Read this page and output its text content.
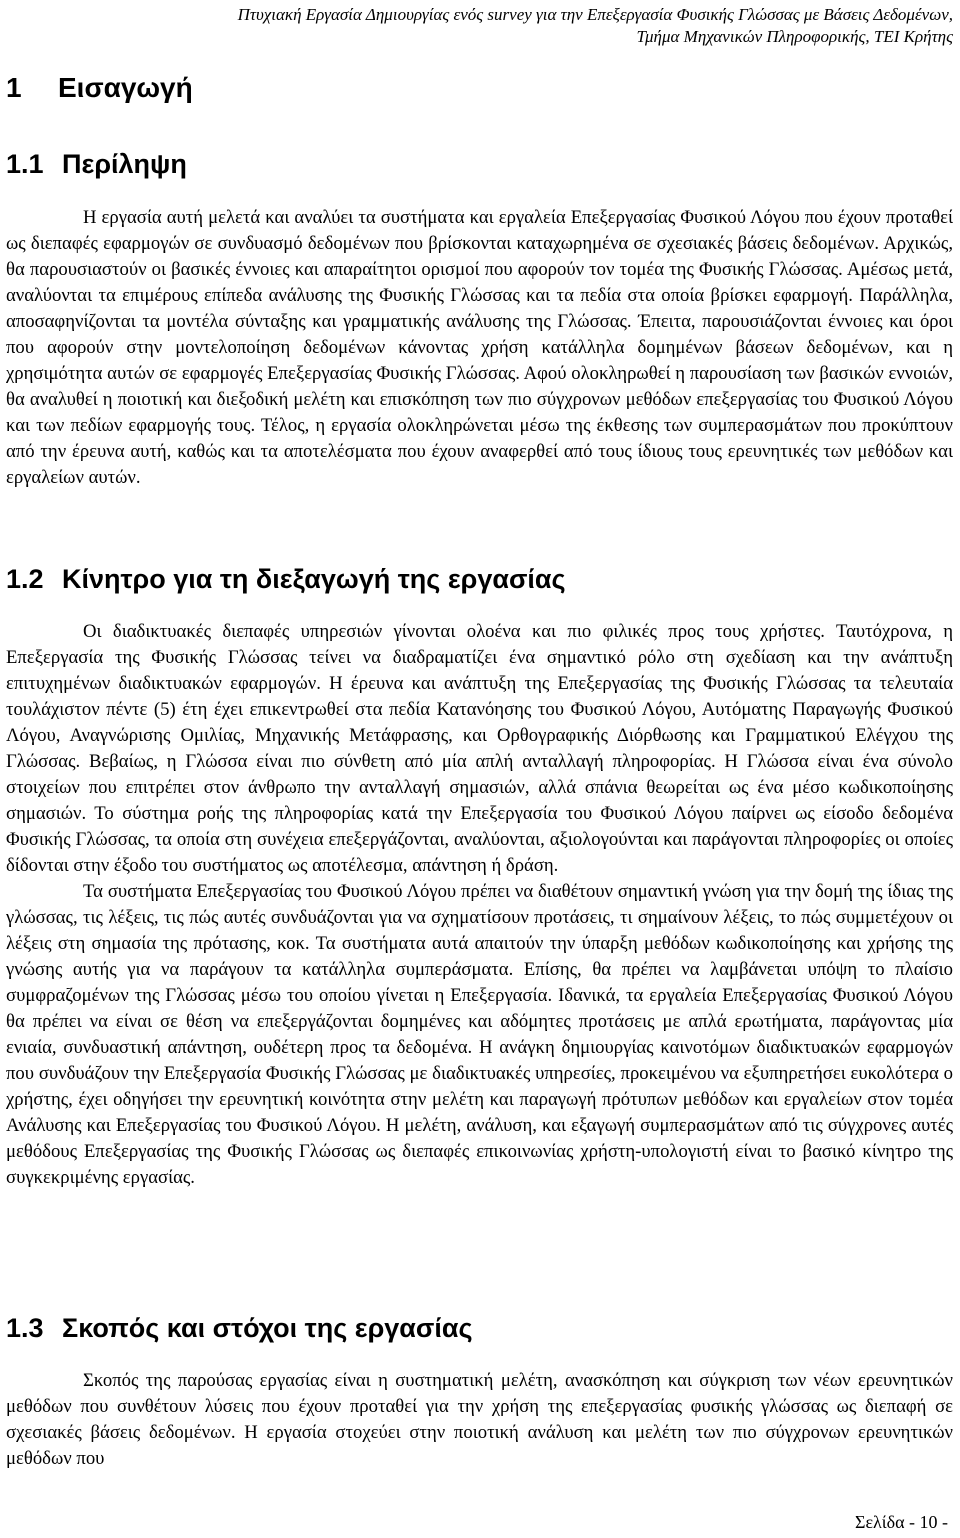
Πτυχιακή Εργασία Δημιουργίας ενός survey για την Επεξεργασία Φυσικής Γλώσσας με Βάσεις Δεδομένων,
Τμήμα Μηχανικών Πληροφορικής, ΤΕΙ Κρήτης
1 Εισαγωγή
1.1 Περίληψη

Η εργασία αυτή μελετά και αναλύει τα συστήματα και εργαλεία Επεξεργασίας Φυσικού Λόγου που έχουν προταθεί ως διεπαφές εφαρμογών σε συνδυασμό δεδομένων που βρίσκονται καταχωρημένα σε σχεσιακές βάσεις δεδομένων. Αρχικώς, θα παρουσιαστούν οι βασικές έννοιες και απαραίτητοι ορισμοί που αφορούν τον τομέα της Φυσικής Γλώσσας. Αμέσως μετά, αναλύονται τα επιμέρους επίπεδα ανάλυσης της Φυσικής Γλώσσας και τα πεδία στα οποία βρίσκει εφαρμογή. Παράλληλα, αποσαφηνίζονται τα μοντέλα σύνταξης και γραμματικής ανάλυσης της Γλώσσας. Έπειτα, παρουσιάζονται έννοιες και όροι που αφορούν στην μοντελοποίηση δεδομένων κάνοντας χρήση κατάλληλα δομημένων βάσεων δεδομένων, και η χρησιμότητα αυτών σε εφαρμογές Επεξεργασίας Φυσικής Γλώσσας. Αφού ολοκληρωθεί η παρουσίαση των βασικών εννοιών, θα αναλυθεί η ποιοτική και διεξοδική μελέτη και επισκόπηση των πιο σύγχρονων μεθόδων επεξεργασίας του Φυσικού Λόγου και των πεδίων εφαρμογής τους. Τέλος, η εργασία ολοκληρώνεται μέσω της έκθεσης των συμπερασμάτων που προκύπτουν από την έρευνα αυτή, καθώς και τα αποτελέσματα που έχουν αναφερθεί από τους ίδιους τους ερευνητικές των μεθόδων και εργαλείων αυτών.

1.2 Κίνητρο για τη διεξαγωγή της εργασίας

Οι διαδικτυακές διεπαφές υπηρεσιών γίνονται ολοένα και πιο φιλικές προς τους χρήστες. Ταυτόχρονα, η Επεξεργασία της Φυσικής Γλώσσας τείνει να διαδραματίζει ένα σημαντικό ρόλο στη σχεδίαση και την ανάπτυξη επιτυχημένων διαδικτυακών εφαρμογών. Η έρευνα και ανάπτυξη της Επεξεργασίας της Φυσικής Γλώσσας τα τελευταία τουλάχιστον πέντε (5) έτη έχει επικεντρωθεί στα πεδία Κατανόησης του Φυσικού Λόγου, Αυτόματης Παραγωγής Φυσικού Λόγου, Αναγνώρισης Ομιλίας, Μηχανικής Μετάφρασης, και Ορθογραφικής Διόρθωσης και Γραμματικού Ελέγχου της Γλώσσας. Βεβαίως, η Γλώσσα είναι πιο σύνθετη από μία απλή ανταλλαγή πληροφορίας. Η Γλώσσα είναι ένα σύνολο στοιχείων που επιτρέπει στον άνθρωπο την ανταλλαγή σημασιών, αλλά σπάνια θεωρείται ως ένα μέσο κωδικοποίησης σημασιών. Το σύστημα ροής της πληροφορίας κατά την Επεξεργασία του Φυσικού Λόγου παίρνει ως είσοδο δεδομένα Φυσικής Γλώσσας, τα οποία στη συνέχεια επεξεργάζονται, αναλύονται, αξιολογούνται και παράγονται πληροφορίες οι οποίες δίδονται στην έξοδο του συστήματος ως αποτέλεσμα, απάντηση ή δράση.

Τα συστήματα Επεξεργασίας του Φυσικού Λόγου πρέπει να διαθέτουν σημαντική γνώση για την δομή της ίδιας της γλώσσας, τις λέξεις, τις πώς αυτές συνδυάζονται για να σχηματίσουν προτάσεις, τι σημαίνουν λέξεις, το πώς συμμετέχουν οι λέξεις στη σημασία της πρότασης, κοκ. Τα συστήματα αυτά απαιτούν την ύπαρξη μεθόδων κωδικοποίησης και χρήσης της γνώσης αυτής για να παράγουν τα κατάλληλα συμπεράσματα. Επίσης, θα πρέπει να λαμβάνεται υπόψη το πλαίσιο συμφραζομένων της Γλώσσας μέσω του οποίου γίνεται η Επεξεργασία. Ιδανικά, τα εργαλεία Επεξεργασίας Φυσικού Λόγου θα πρέπει να είναι σε θέση να επεξεργάζονται δομημένες και αδόμητες προτάσεις με απλά ερωτήματα, παράγοντας μία ενιαία, συνδυαστική απάντηση, ουδέτερη προς τα δεδομένα. Η ανάγκη δημιουργίας καινοτόμων διαδικτυακών εφαρμογών που συνδυάζουν την Επεξεργασία Φυσικής Γλώσσας με διαδικτυακές υπηρεσίες, προκειμένου να εξυπηρετήσει ευκολότερα ο χρήστης, έχει οδηγήσει την ερευνητική κοινότητα στην μελέτη και παραγωγή πρότυπων μεθόδων και εργαλείων στον τομέα Ανάλυσης και Επεξεργασίας του Φυσικού Λόγου. Η μελέτη, ανάλυση, και εξαγωγή συμπερασμάτων από τις σύγχρονες αυτές μεθόδους Επεξεργασίας της Φυσικής Γλώσσας ως διεπαφές επικοινωνίας χρήστη-υπολογιστή είναι το βασικό κίνητρο της συγκεκριμένης εργασίας.

1.3 Σκοπός και στόχοι της εργασίας

Σκοπός της παρούσας εργασίας είναι η συστηματική μελέτη, ανασκόπηση και σύγκριση των νέων ερευνητικών μεθόδων που συνθέτουν λύσεις που έχουν προταθεί για την χρήση της επεξεργασίας φυσικής γλώσσας ως διεπαφή σε σχεσιακές βάσεις δεδομένων. Η εργασία στοχεύει στην ποιοτική ανάλυση και μελέτη των πιο σύγχρονων ερευνητικών μεθόδων που

Σελίδα - 10 -
